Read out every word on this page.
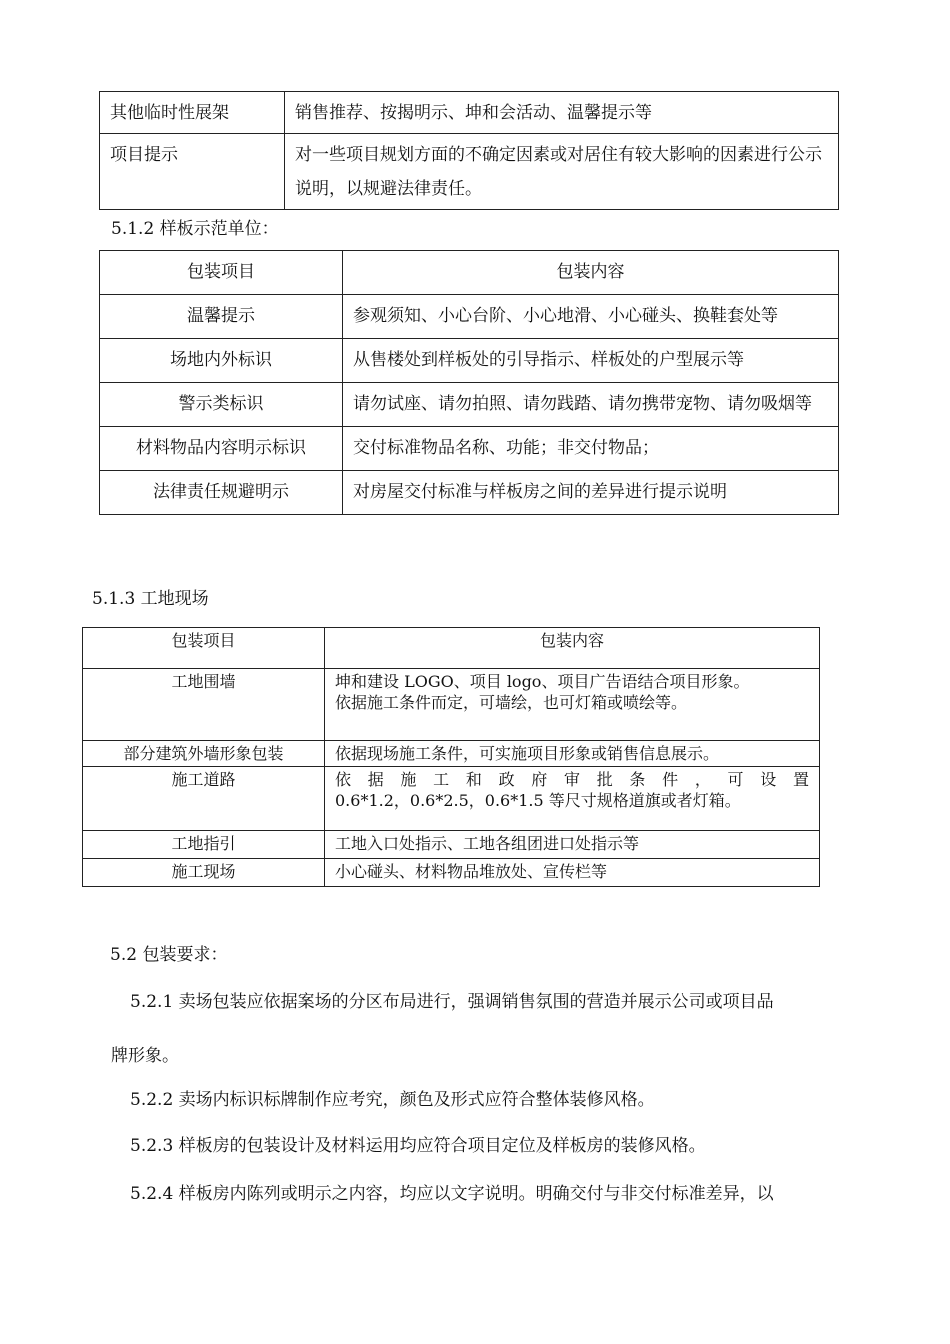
其他临时性展架	销售推荐、按揭明示、坤和会活动、温馨提示等
项目提示	对一些项目规划方面的不确定因素或对居住有较大影响的因素进行公示说明，以规避法律责任。
5.1.2 样板示范单位：
包装项目	包装内容
温馨提示	参观须知、小心台阶、小心地滑、小心碰头、换鞋套处等
场地内外标识	从售楼处到样板处的引导指示、样板处的户型展示等
警示类标识	请勿试座、请勿拍照、请勿践踏、请勿携带宠物、请勿吸烟等
材料物品内容明示标识	交付标准物品名称、功能；非交付物品；
法律责任规避明示	对房屋交付标准与样板房之间的差异进行提示说明
5.1.3 工地现场
包装项目	包装内容
工地围墙	坤和建设 LOGO、项目 logo、项目广告语结合项目形象。
依据施工条件而定，可墙绘，也可灯箱或喷绘等。

部分建筑外墙形象包装	依据现场施工条件，可实施项目形象或销售信息展示。
施工道路	依据施工和政府审批条件，可设置
0.6*1.2，0.6*2.5，0.6*1.5 等尺寸规格道旗或者灯箱。

工地指引	工地入口处指示、工地各组团进口处指示等
施工现场	小心碰头、材料物品堆放处、宣传栏等
5.2 包装要求：
5.2.1 卖场包装应依据案场的分区布局进行，强调销售氛围的营造并展示公司或项目品
牌形象。
5.2.2 卖场内标识标牌制作应考究，颜色及形式应符合整体装修风格。
5.2.3 样板房的包装设计及材料运用均应符合项目定位及样板房的装修风格。
5.2.4 样板房内陈列或明示之内容，均应以文字说明。明确交付与非交付标准差异，以
